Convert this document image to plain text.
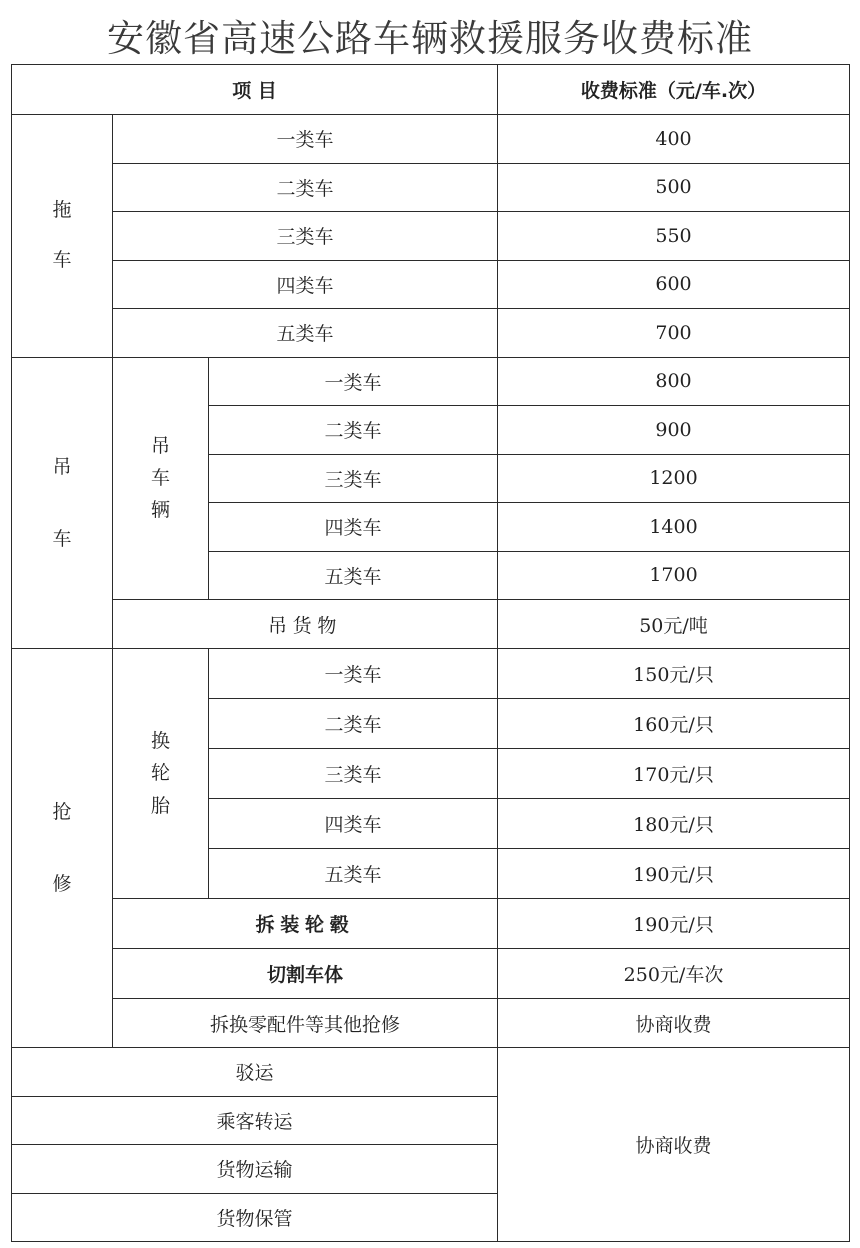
安徽省高速公路车辆救援服务收费标准
项 目			收费标准（元/车.次）
拖车	一类车		400
	二类车		500
	三类车		550
	四类车		600
	五类车		700
吊车	吊车辆	一类车	800
		二类车	900
		三类车	1200
		四类车	1400
		五类车	1700
	吊货物		50元/吨
抢修	换轮胎	一类车	150元/只
		二类车	160元/只
		三类车	170元/只
		四类车	180元/只
		五类车	190元/只
	拆装轮毂		190元/只
	切割车体		250元/车次
	拆换零配件等其他抢修		协商收费
驳运			协商收费
乘客转运			
货物运输			
货物保管			
